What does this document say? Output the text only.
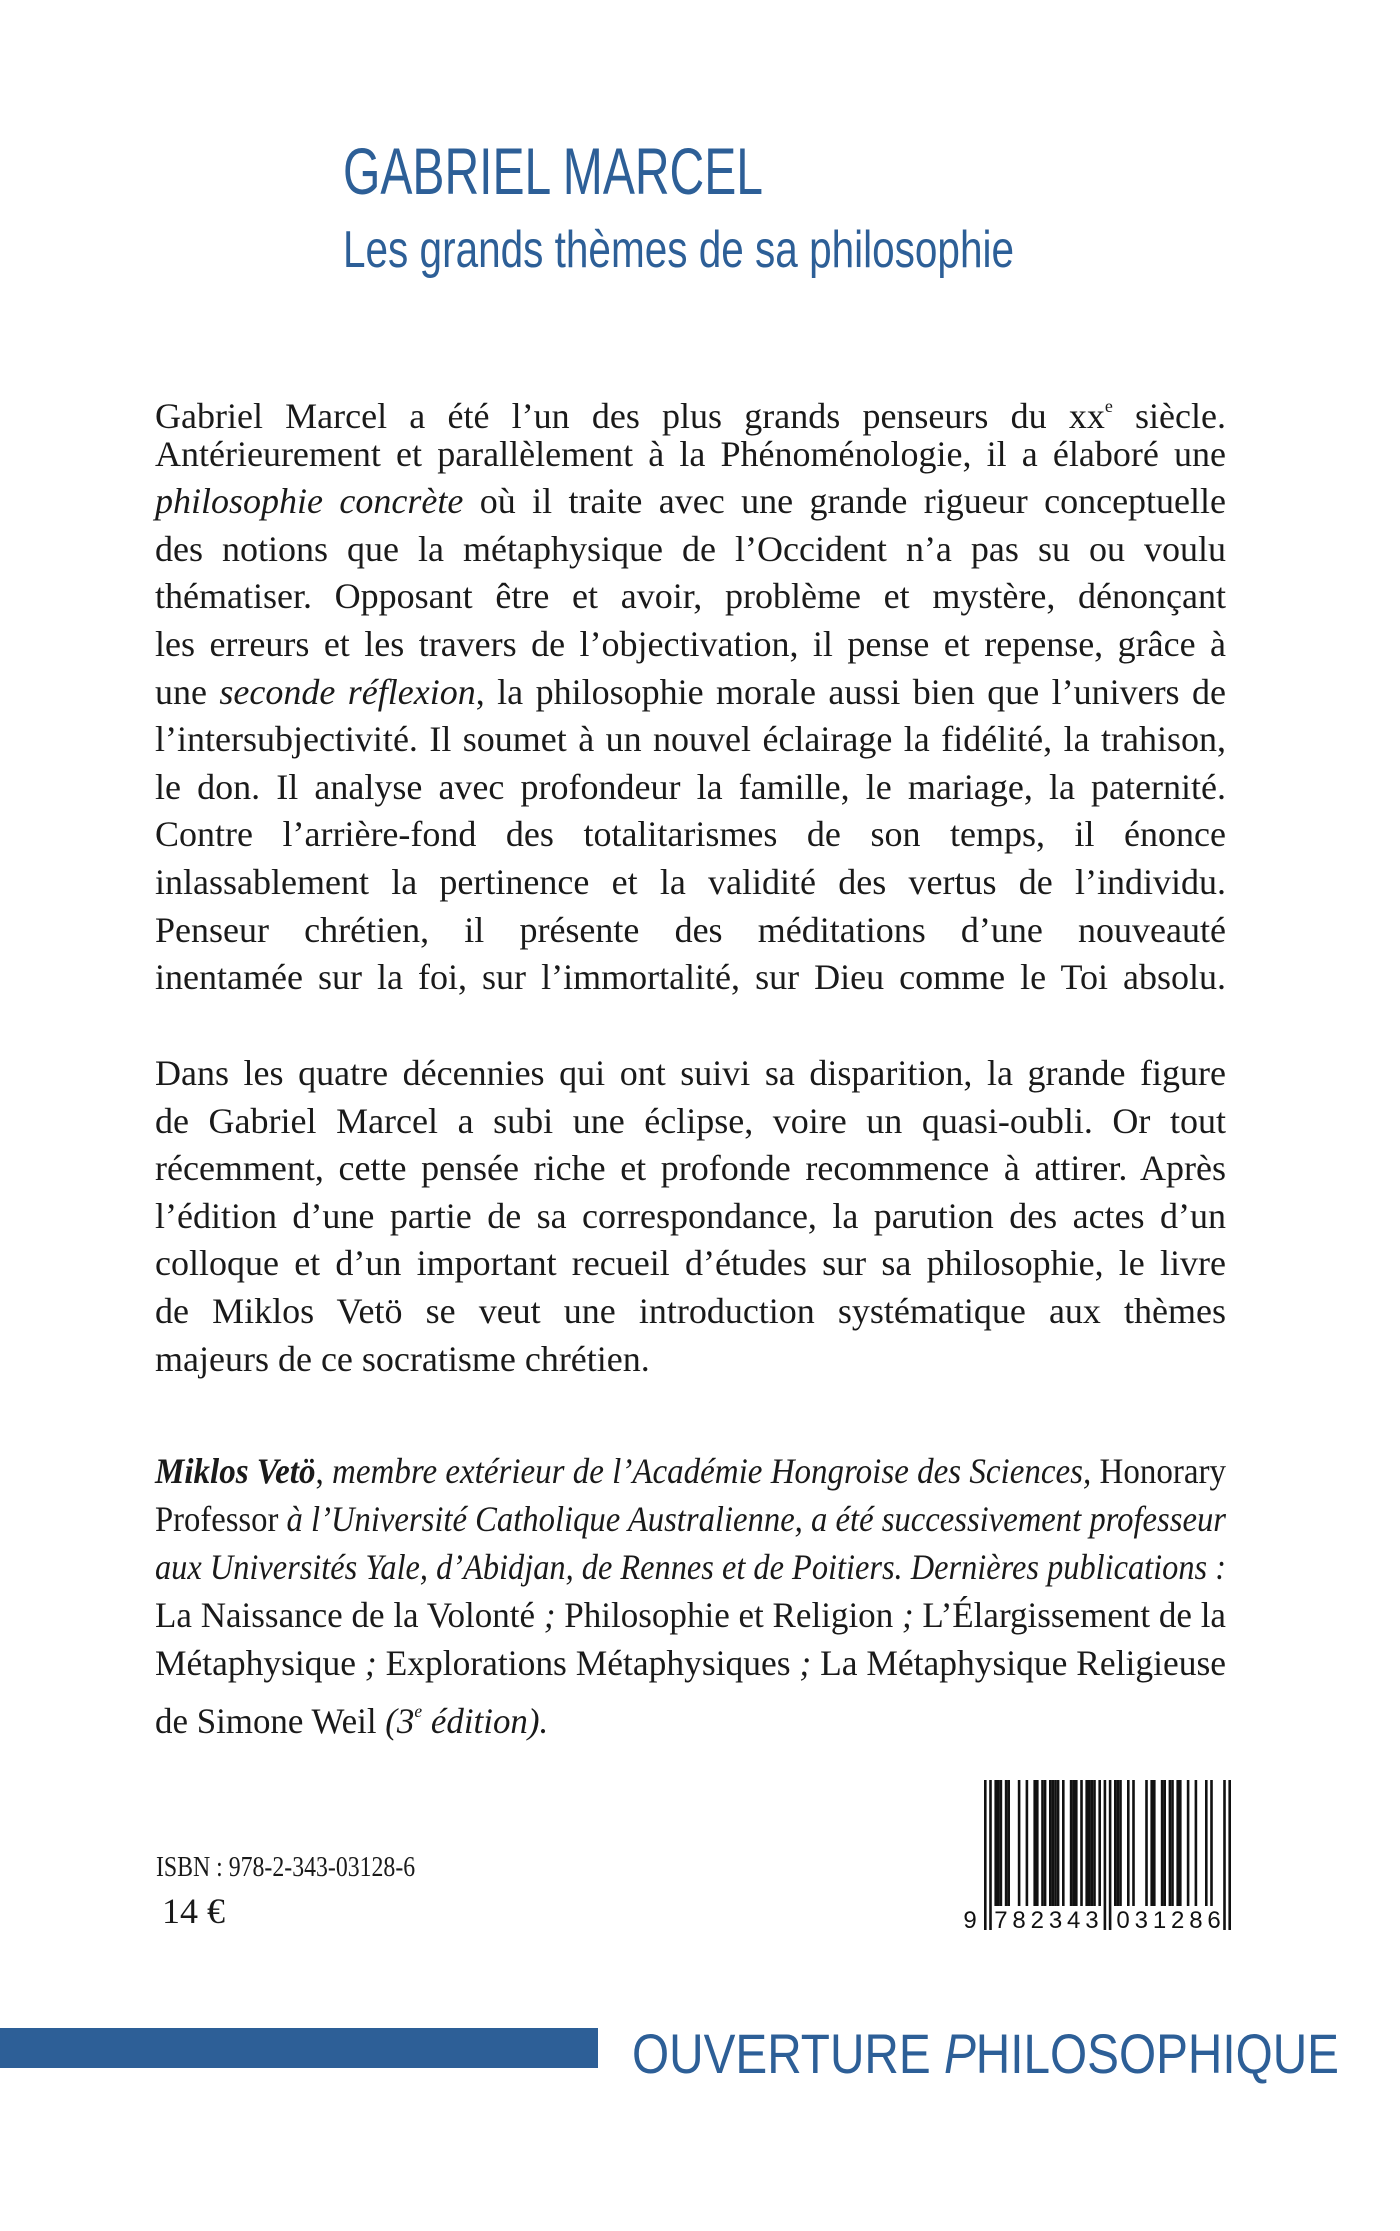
GABRIEL MARCEL
Les grands thèmes de sa philosophie
Gabriel Marcel a été l’un des plus grands penseurs du $xx^e$ siècle.
Antérieurement et parallèlement à la Phénoménologie, il a élaboré une
philosophie concrète où il traite avec une grande rigueur conceptuelle
des notions que la métaphysique de l’Occident n’a pas su ou voulu
thématiser. Opposant être et avoir, problème et mystère, dénonçant
les erreurs et les travers de l’objectivation, il pense et repense, grâce à
une seconde réflexion, la philosophie morale aussi bien que l’univers de
l’intersubjectivité. Il soumet à un nouvel éclairage la fidélité, la trahison,
le don. Il analyse avec profondeur la famille, le mariage, la paternité.
Contre l’arrière-fond des totalitarismes de son temps, il énonce
inlassablement la pertinence et la validité des vertus de l’individu.
Penseur chrétien, il présente des méditations d’une nouveauté
inentamée sur la foi, sur l’immortalité, sur Dieu comme le Toi absolu.
Dans les quatre décennies qui ont suivi sa disparition, la grande figure
de Gabriel Marcel a subi une éclipse, voire un quasi-oubli. Or tout
récemment, cette pensée riche et profonde recommence à attirer. Après
l’édition d’une partie de sa correspondance, la parution des actes d’un
colloque et d’un important recueil d’études sur sa philosophie, le livre
de Miklos Vetö se veut une introduction systématique aux thèmes
majeurs de ce socratisme chrétien.
Miklos Vetö, membre extérieur de l’Académie Hongroise des Sciences, Honorary
Professor à l’Université Catholique Australienne, a été successivement professeur
aux Universités Yale, d’Abidjan, de Rennes et de Poitiers. Dernières publications :
La Naissance de la Volonté ; Philosophie et Religion ; L’Élargissement de la
Métaphysique ; Explorations Métaphysiques ; La Métaphysique Religieuse
de Simone Weil (3e édition).
ISBN : 978-2-343-03128-6
14 €	9 7 8 2 3 4 3 0 3 1 2 8 6
OUVERTURE PHILOSOPHIQUE
